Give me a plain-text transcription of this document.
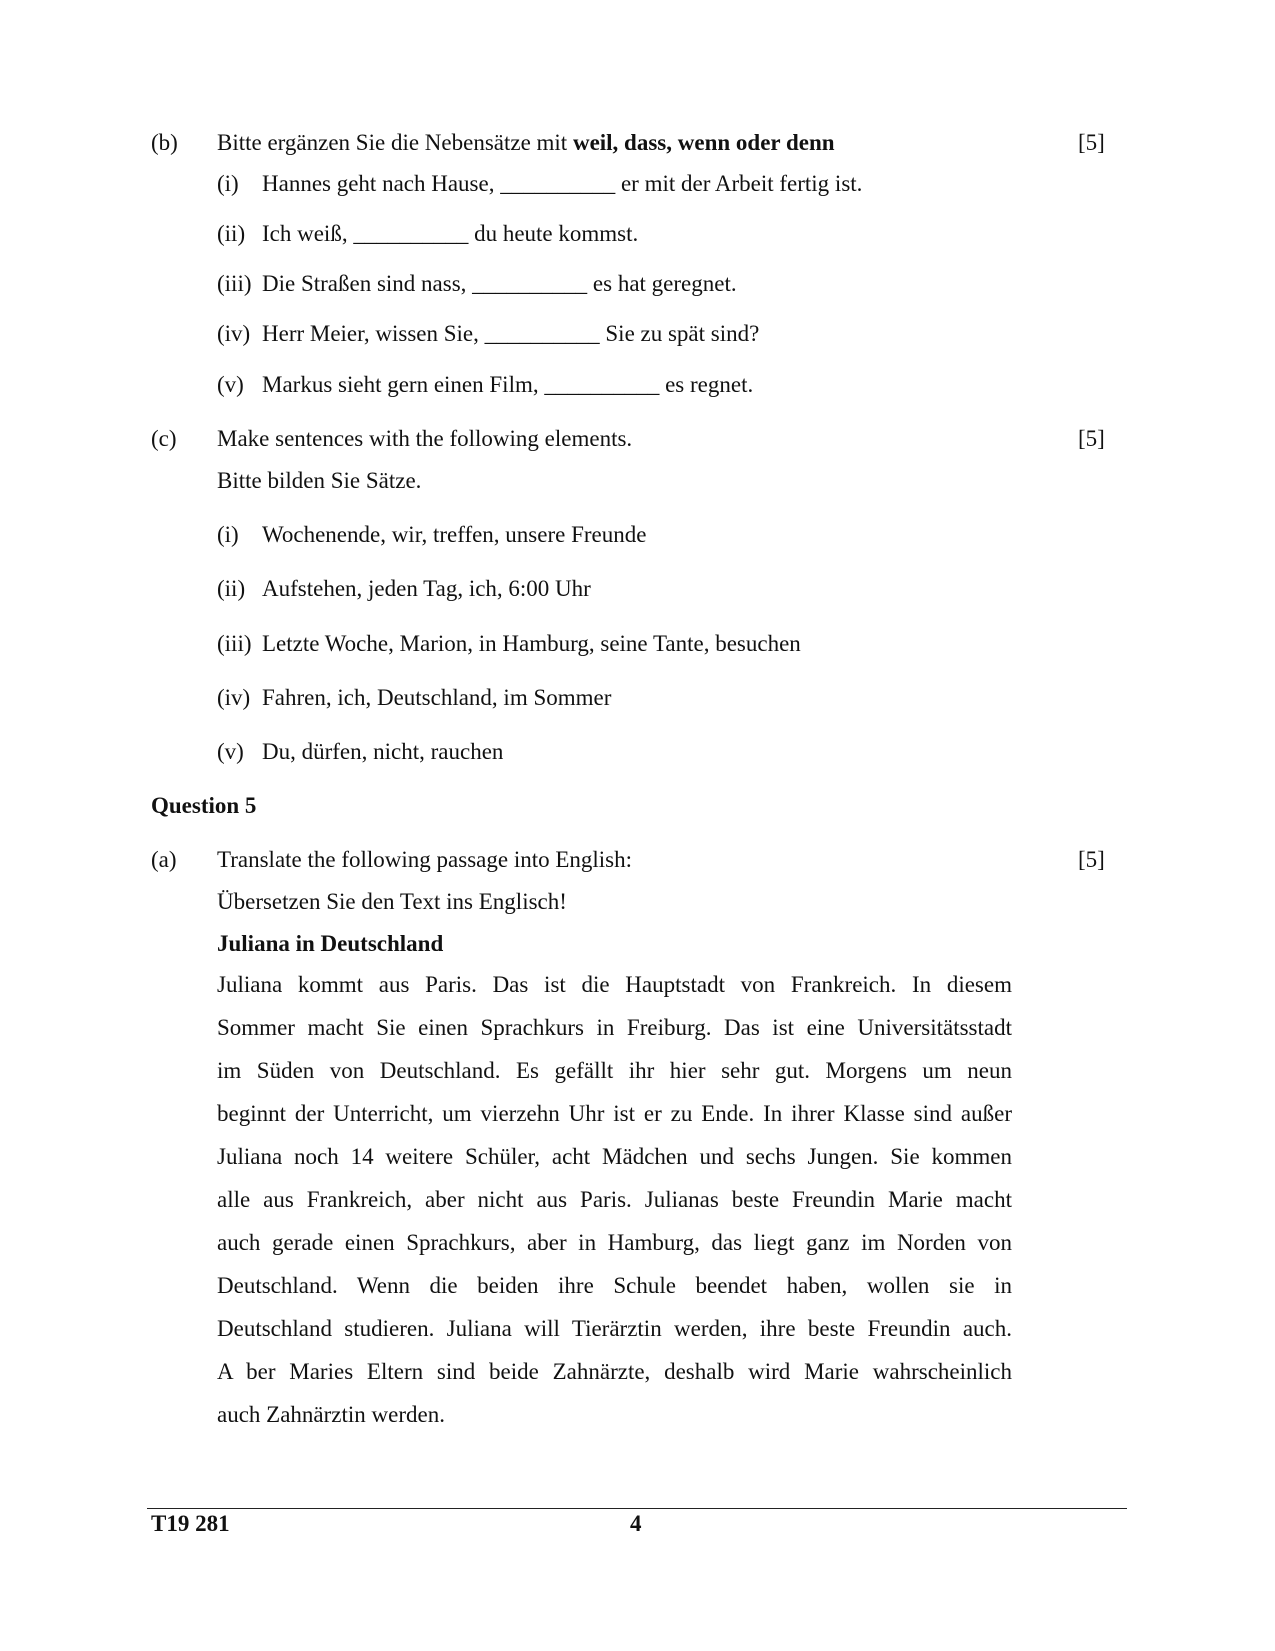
(b) Bitte ergänzen Sie die Nebensätze mit weil, dass, wenn oder denn	[5]
(i) Hannes geht nach Hause, __________ er mit der Arbeit fertig ist.
(ii) Ich weiß, __________ du heute kommst.
(iii) Die Straßen sind nass, __________ es hat geregnet.
(iv) Herr Meier, wissen Sie, __________ Sie zu spät sind?
(v) Markus sieht gern einen Film, __________ es regnet.
(c) Make sentences with the following elements.	[5]
Bitte bilden Sie Sätze.
(i) Wochenende, wir, treffen, unsere Freunde
(ii) Aufstehen, jeden Tag, ich, 6:00 Uhr
(iii) Letzte Woche, Marion, in Hamburg, seine Tante, besuchen
(iv) Fahren, ich, Deutschland, im Sommer
(v) Du, dürfen, nicht, rauchen
Question 5
(a) Translate the following passage into English:	[5]
Übersetzen Sie den Text ins Englisch!
Juliana in Deutschland
Juliana kommt aus Paris. Das ist die Hauptstadt von Frankreich. In diesem
Sommer macht Sie einen Sprachkurs in Freiburg. Das ist eine Universitätsstadt
im Süden von Deutschland. Es gefällt ihr hier sehr gut. Morgens um neun
beginnt der Unterricht, um vierzehn Uhr ist er zu Ende. In ihrer Klasse sind außer
Juliana noch 14 weitere Schüler, acht Mädchen und sechs Jungen. Sie kommen
alle aus Frankreich, aber nicht aus Paris. Julianas beste Freundin Marie macht
auch gerade einen Sprachkurs, aber in Hamburg, das liegt ganz im Norden von
Deutschland. Wenn die beiden ihre Schule beendet haben, wollen sie in
Deutschland studieren. Juliana will Tierärztin werden, ihre beste Freundin auch.
A ber Maries Eltern sind beide Zahnärzte, deshalb wird Marie wahrscheinlich
auch Zahnärztin werden.
T19 281	4
